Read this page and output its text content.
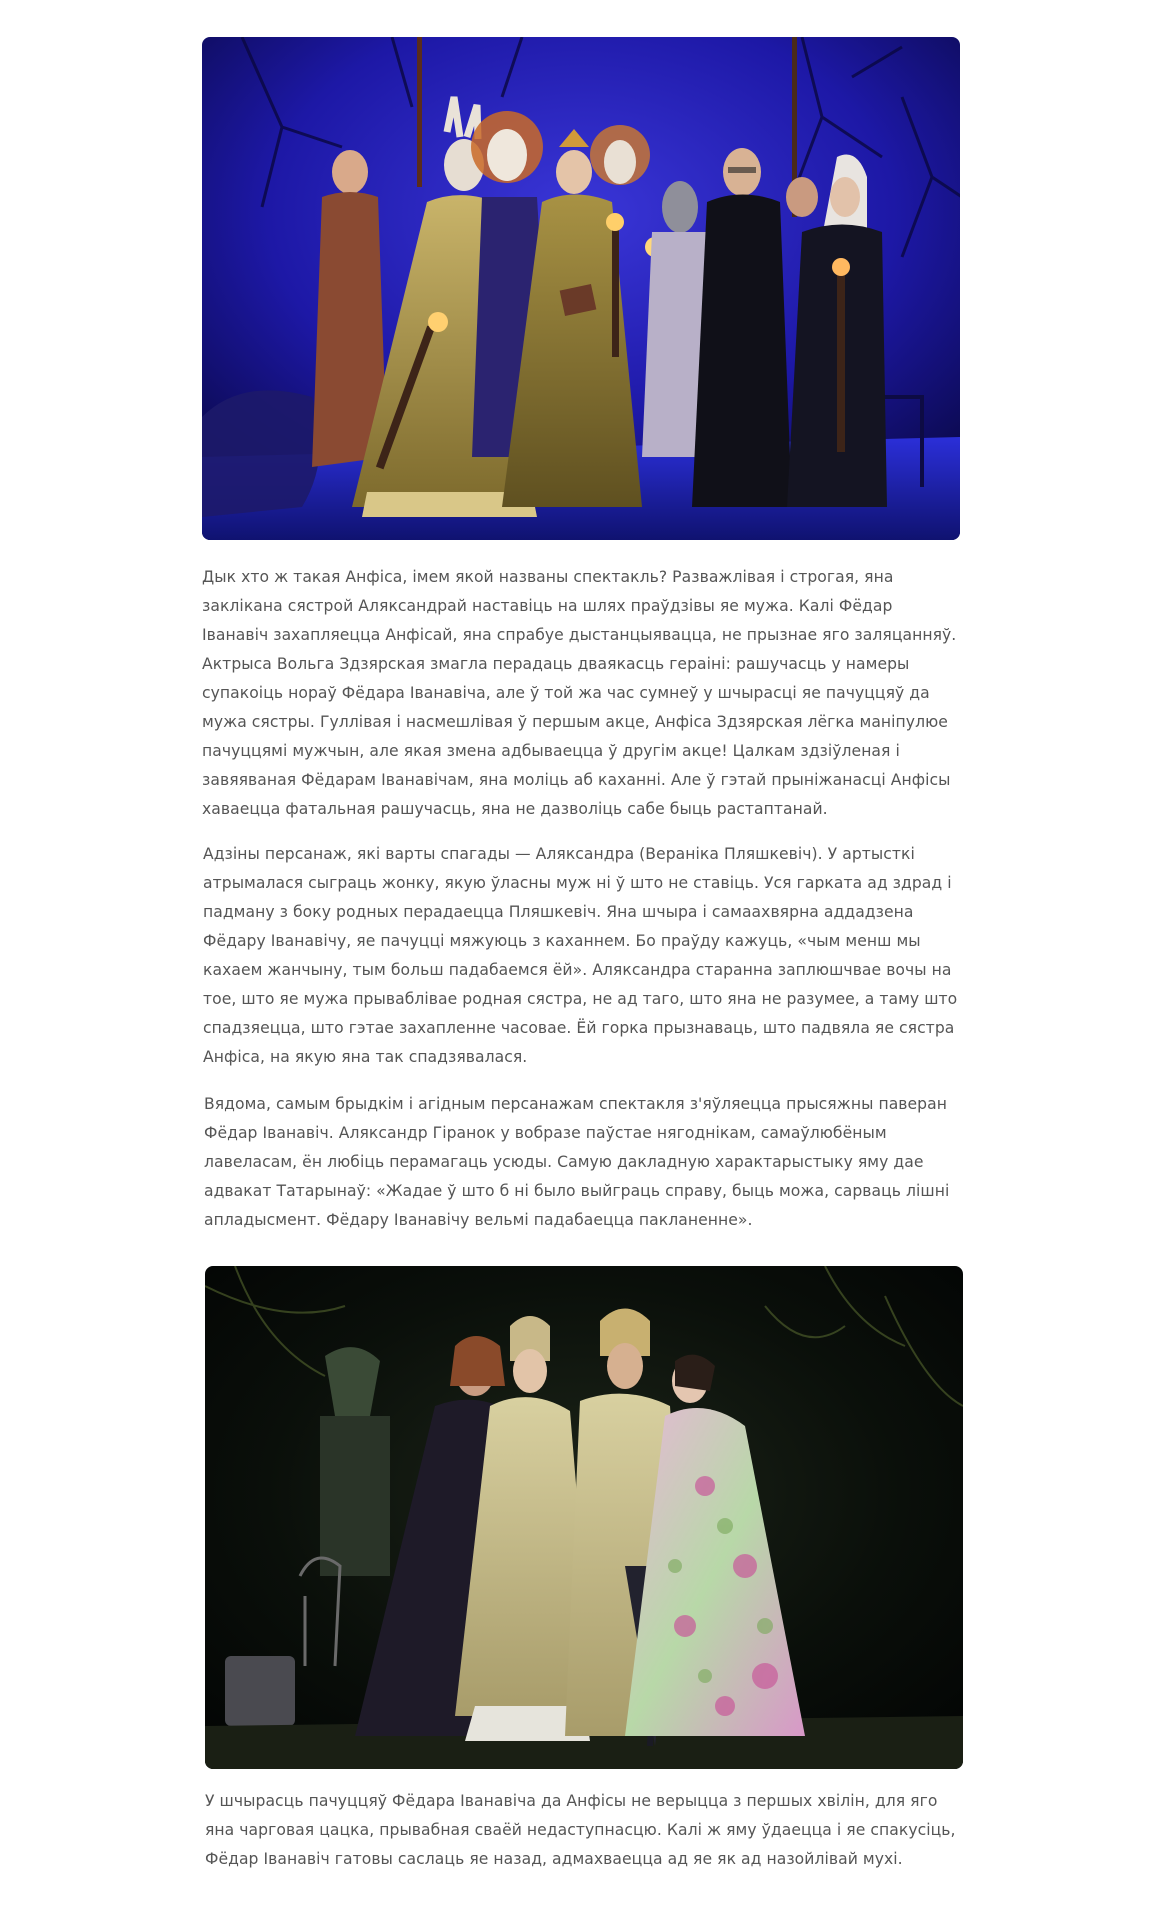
Дык хто ж такая Анфіса, імем якой названы спектакль? Разважлівая і строгая, яна заклікана сястрой Аляксандрай наставіць на шлях праўдзівы яе мужа. Калі Фёдар Іванавіч захапляецца Анфісай, яна спрабуе дыстанцыявацца, не прызнае яго заляцанняў. Актрыса Вольга Здзярская змагла перадаць дваякасць гераіні: рашучасць у намеры супакоіць нораў Фёдара Іванавіча, але ў той жа час сумнеў у шчырасці яе пачуццяў да мужа сястры. Гуллівая і насмешлівая ў першым акце, Анфіса Здзярская лёгка маніпулюе пачуццямі мужчын, але якая змена адбываецца ў другім акце! Цалкам здзіўленая і завяяваная Фёдарам Іванавічам, яна моліць аб каханні. Але ў гэтай прыніжанасці Анфісы хаваецца фатальная рашучасць, яна не дазволіць сабе быць растаптанай.

Адзіны персанаж, які варты спагады — Аляксандра (Вераніка Пляшкевіч). У артысткі атрымалася сыграць жонку, якую ўласны муж ні ў што не ставіць. Уся гарката ад здрад і падману з боку родных перадаецца Пляшкевіч. Яна шчыра і самаахвярна аддадзена Фёдару Іванавічу, яе пачуцці мяжуюць з каханнем. Бо праўду кажуць, «чым менш мы кахаем жанчыну, тым больш падабаемся ёй». Аляксандра старанна заплюшчвае вочы на тое, што яе мужа прываблівае родная сястра, не ад таго, што яна не разумее, а таму што спадзяецца, што гэтае захапленне часовае. Ёй горка прызнаваць, што падвяла яе сястра Анфіса, на якую яна так спадзявалася.

Вядома, самым брыдкім і агідным персанажам спектакля з'яўляецца прысяжны паверан Фёдар Іванавіч. Аляксандр Гіранок у вобразе паўстае нягоднікам, самаўлюбёным лавеласам, ён любіць перамагаць усюды. Самую дакладную характарыстыку яму дае адвакат Татарынаў: «Жадае ў што б ні было выйграць справу, быць можа, сарваць лішні апладысмент. Фёдару Іванавічу вельмі падабаецца пакланенне».

У шчырасць пачуццяў Фёдара Іванавіча да Анфісы не верыцца з першых хвілін, для яго яна чарговая цацка, прывабная сваёй недаступнасцю. Калі ж яму ўдаецца і яе спакусіць, Фёдар Іванавіч гатовы саслаць яе назад, адмахваецца ад яе як ад назойлівай мухі.
